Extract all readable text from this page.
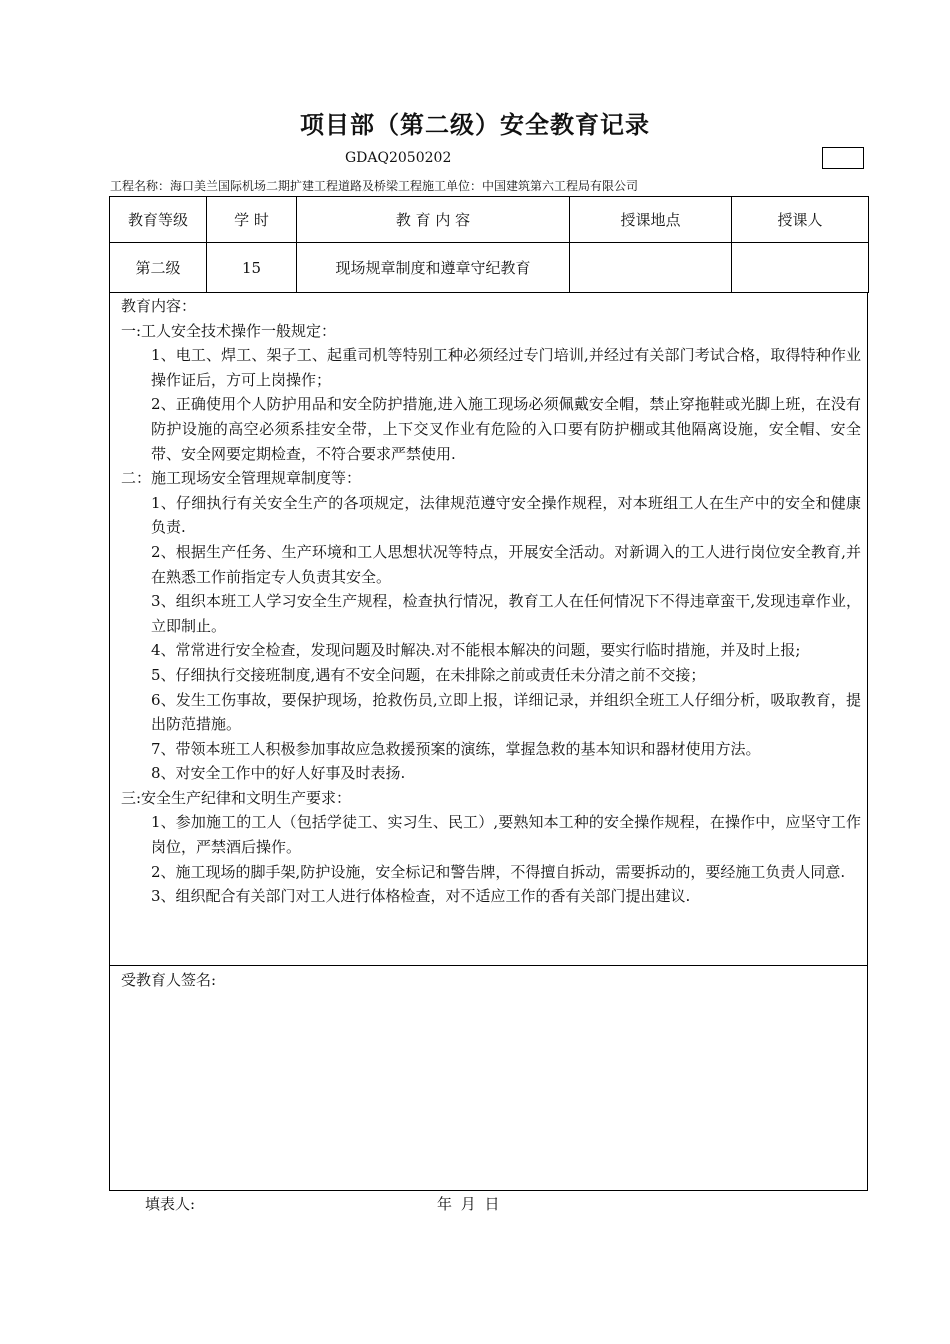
项目部（第二级）安全教育记录
GDAQ2050202
工程名称：海口美兰国际机场二期扩建工程道路及桥梁工程施工单位：中国建筑第六工程局有限公司
教育等级	学 时	教 育 内 容	授课地点	授课人
第二级	15	现场规章制度和遵章守纪教育		

教育内容：

一:工人安全技术操作一般规定：

1、电工、焊工、架子工、起重司机等特别工种必须经过专门培训,并经过有关部门考试合格，取得特种作业操作证后，方可上岗操作；

2、正确使用个人防护用品和安全防护措施,进入施工现场必须佩戴安全帽，禁止穿拖鞋或光脚上班，在没有防护设施的高空必须系挂安全带，上下交叉作业有危险的入口要有防护棚或其他隔离设施，安全帽、安全带、安全网要定期检查，不符合要求严禁使用.

二：施工现场安全管理规章制度等：

1、仔细执行有关安全生产的各项规定，法律规范遵守安全操作规程，对本班组工人在生产中的安全和健康负责.

2、根据生产任务、生产环境和工人思想状况等特点，开展安全活动。对新调入的工人进行岗位安全教育,并在熟悉工作前指定专人负责其安全。

3、组织本班工人学习安全生产规程，检查执行情况，教育工人在任何情况下不得违章蛮干,发现违章作业，立即制止。

4、常常进行安全检查，发现问题及时解决.对不能根本解决的问题，要实行临时措施，并及时上报;

5、仔细执行交接班制度,遇有不安全问题，在未排除之前或责任未分清之前不交接；

6、发生工伤事故，要保护现场，抢救伤员,立即上报，详细记录，并组织全班工人仔细分析，吸取教育，提出防范措施。

7、带领本班工人积极参加事故应急救援预案的演练，掌握急救的基本知识和器材使用方法。

8、对安全工作中的好人好事及时表扬.

三:安全生产纪律和文明生产要求：

1、参加施工的工人（包括学徒工、实习生、民工）,要熟知本工种的安全操作规程，在操作中，应坚守工作岗位，严禁酒后操作。

2、施工现场的脚手架,防护设施，安全标记和警告牌，不得擅自拆动，需要拆动的，要经施工负责人同意.

3、组织配合有关部门对工人进行体格检查，对不适应工作的香有关部门提出建议.

受教育人签名:
填表人:	年 月 日
